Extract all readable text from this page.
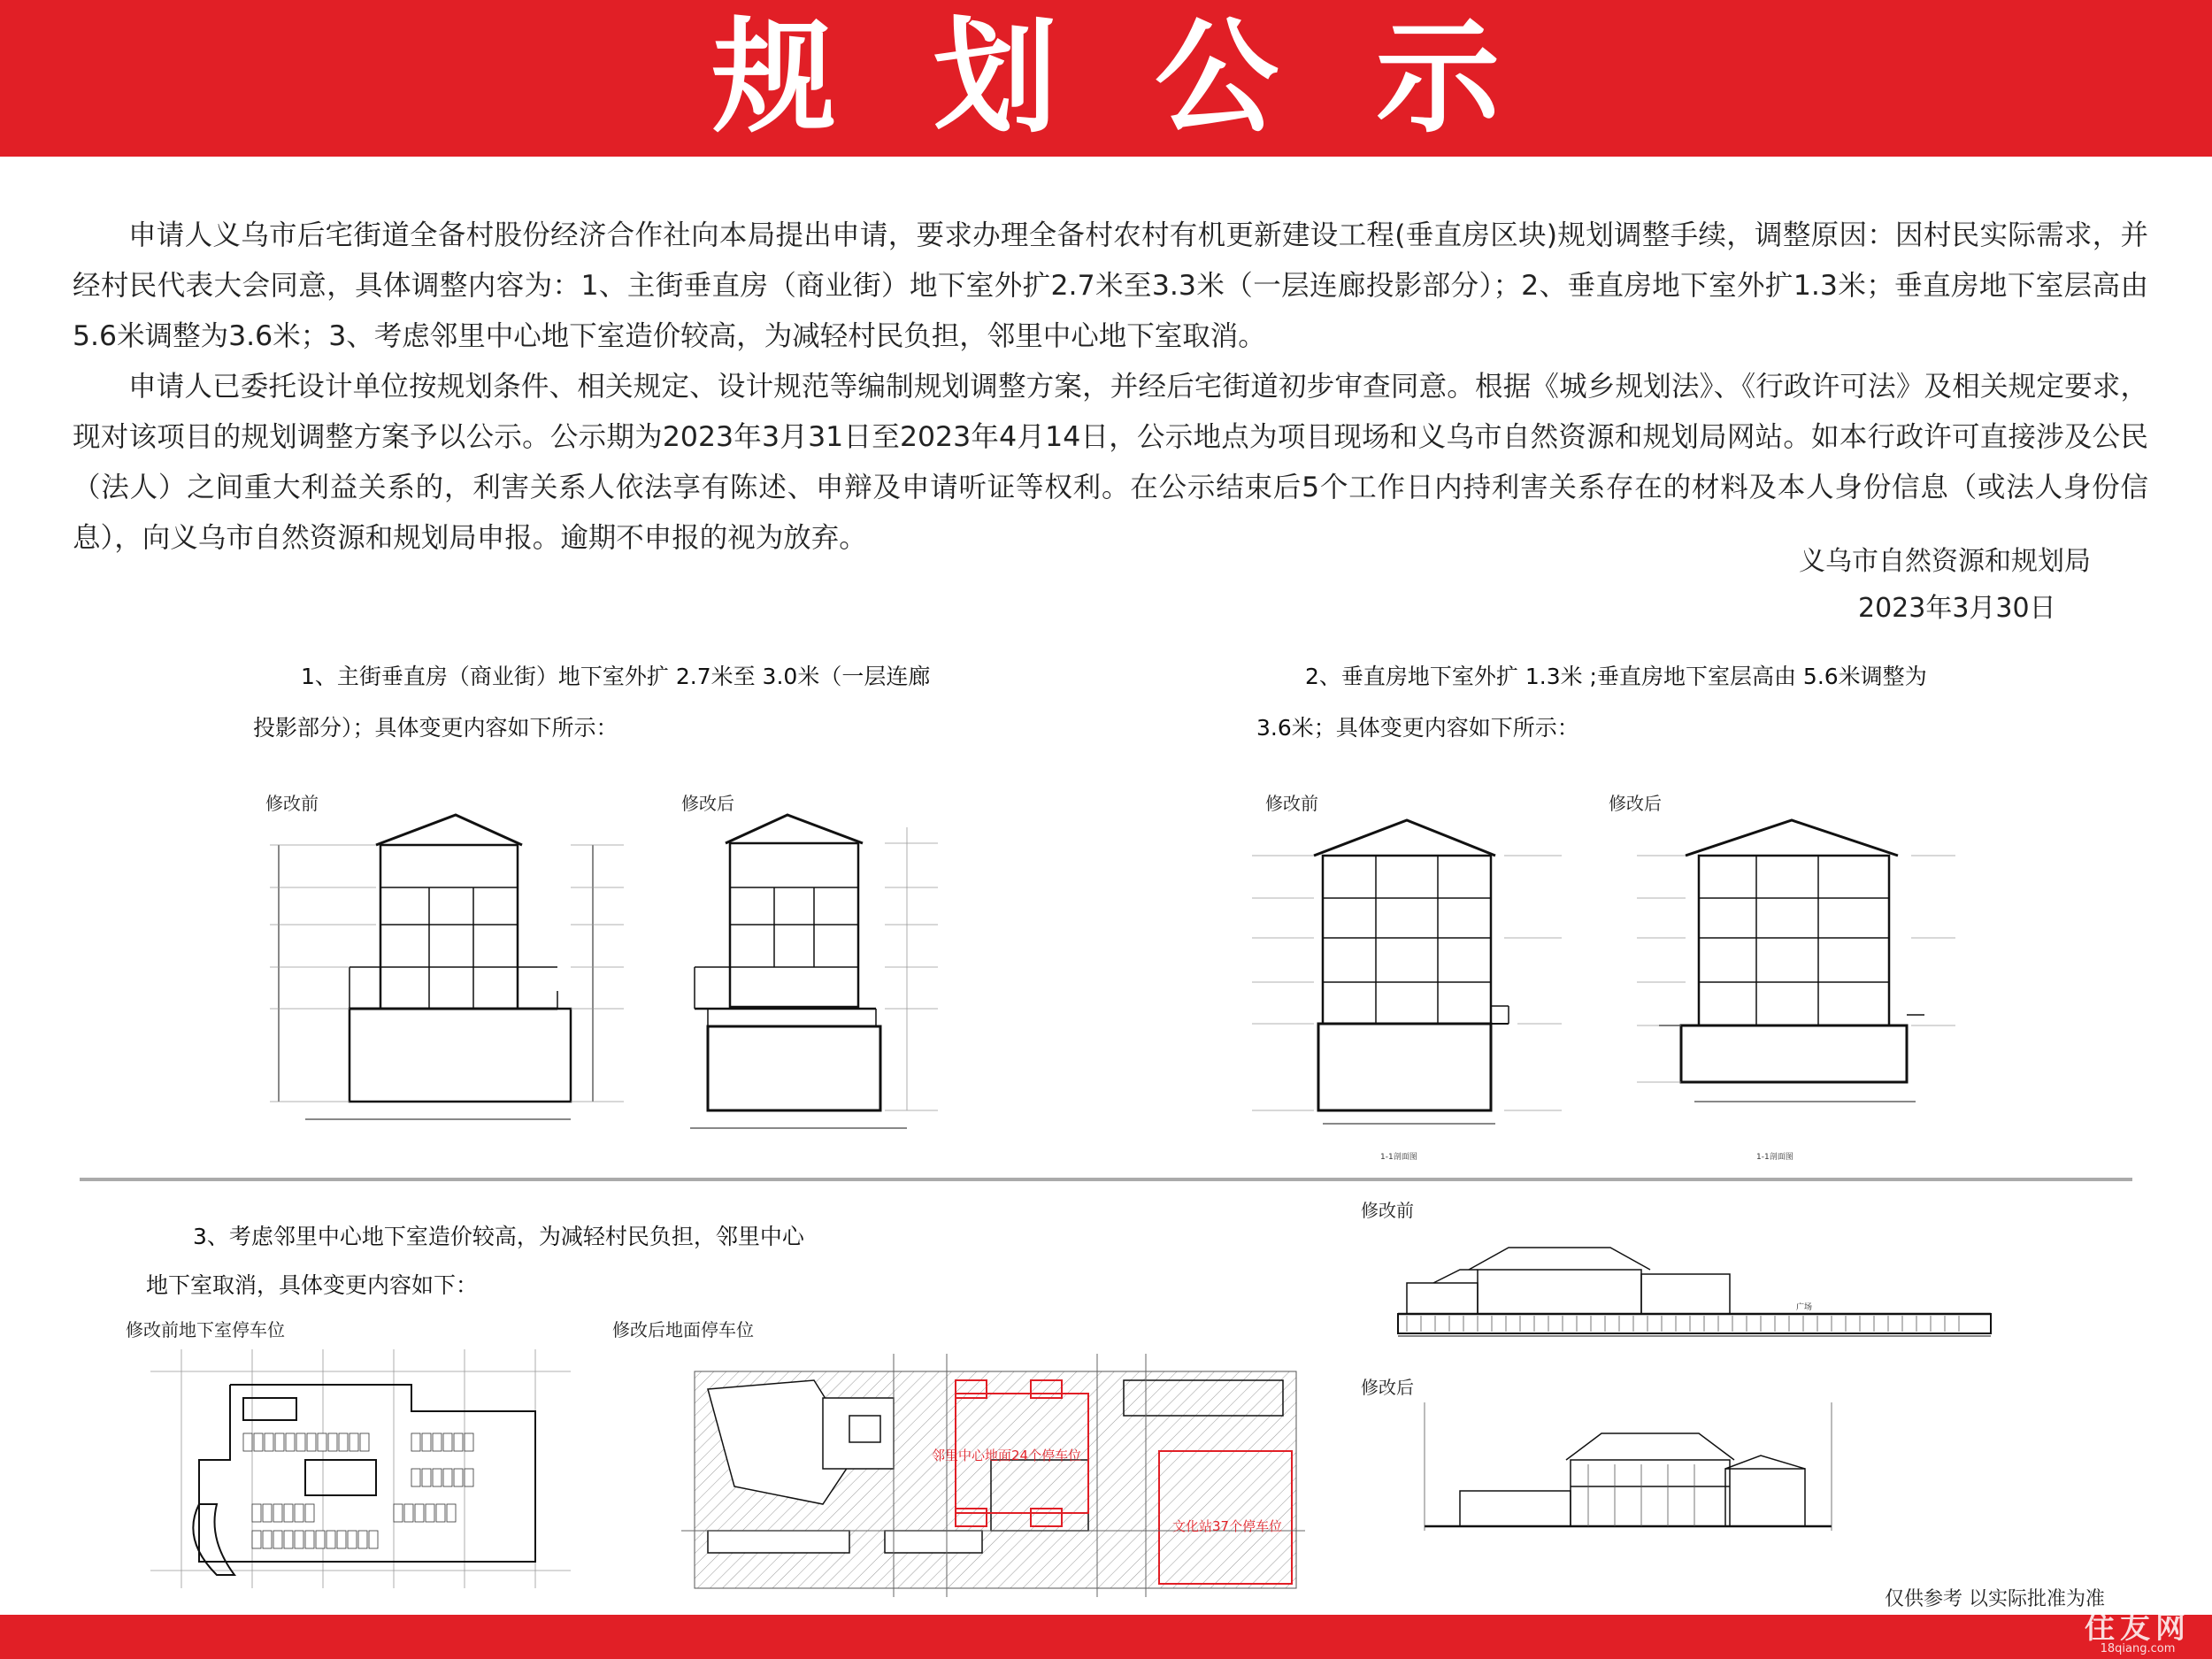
规划公示

申请人义乌市后宅街道全备村股份经济合作社向本局提出申请，要求办理全备村农村有机更新建设工程(垂直房区块)规划调整手续，调整原因：因村民实际需求，并经村民代表大会同意，具体调整内容为：1、主街垂直房（商业街）地下室外扩2.7米至3.3米（一层连廊投影部分）；2、垂直房地下室外扩1.3米；垂直房地下室层高由5.6米调整为3.6米；3、考虑邻里中心地下室造价较高，为减轻村民负担，邻里中心地下室取消。

申请人已委托设计单位按规划条件、相关规定、设计规范等编制规划调整方案，并经后宅街道初步审查同意。根据《城乡规划法》、《行政许可法》及相关规定要求，现对该项目的规划调整方案予以公示。公示期为2023年3月31日至2023年4月14日，公示地点为项目现场和义乌市自然资源和规划局网站。如本行政许可直接涉及公民（法人）之间重大利益关系的，利害关系人依法享有陈述、申辩及申请听证等权利。在公示结束后5个工作日内持利害关系存在的材料及本人身份信息（或法人身份信息），向义乌市自然资源和规划局申报。逾期不申报的视为放弃。

义乌市自然资源和规划局
2023年3月30日
1、主街垂直房（商业街）地下室外扩 2.7米至 3.0米（一层连廊
投影部分）；具体变更内容如下所示：
修改前	修改后
2、垂直房地下室外扩 1.3米 ;垂直房地下室层高由 5.6米调整为
3.6米；具体变更内容如下所示：
修改前	修改后
1-1剖面图	1-1剖面图
3、考虑邻里中心地下室造价较高，为减轻村民负担，邻里中心
地下室取消，具体变更内容如下：
修改前地下室停车位	修改后地面停车位
邻里中心地面24个停车位
文化站37个停车位
修改前
修改后
广场
仅供参考 以实际批准为准
住友网
18qiang.com
